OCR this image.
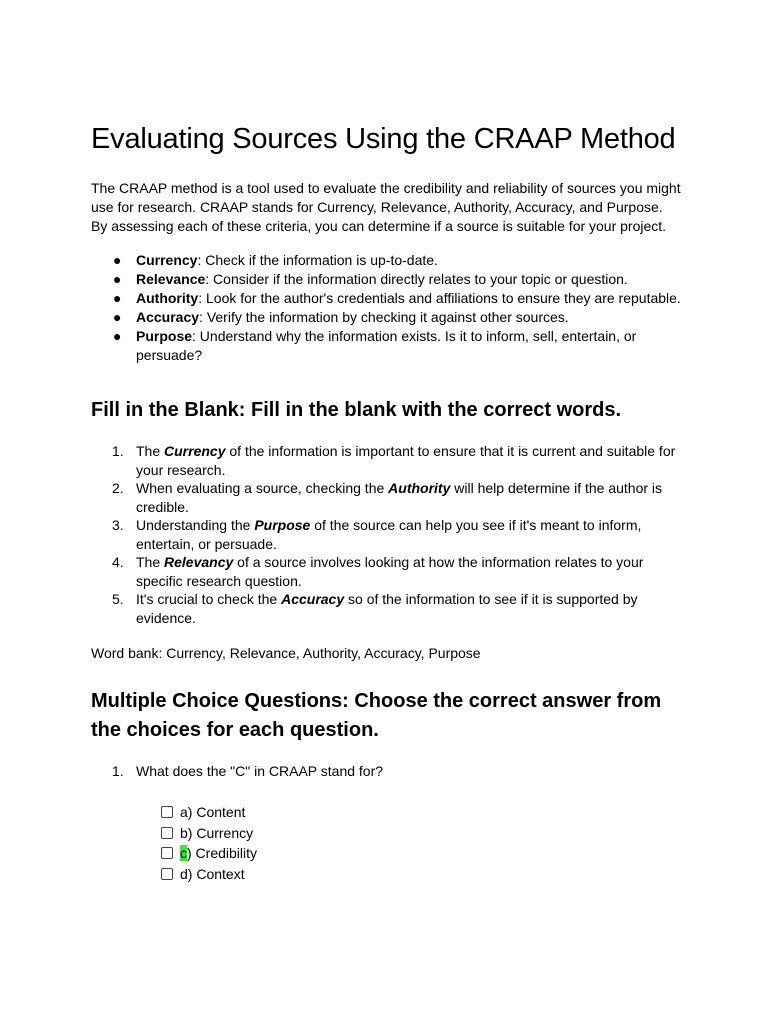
Evaluating Sources Using the CRAAP Method

The CRAAP method is a tool used to evaluate the credibility and reliability of sources you might use for research. CRAAP stands for Currency, Relevance, Authority, Accuracy, and Purpose. By assessing each of these criteria, you can determine if a source is suitable for your project.

● Currency: Check if the information is up-to-date.
● Relevance: Consider if the information directly relates to your topic or question.
● Authority: Look for the author's credentials and affiliations to ensure they are reputable.
● Accuracy: Verify the information by checking it against other sources.
● Purpose: Understand why the information exists. Is it to inform, sell, entertain, or persuade?
Fill in the Blank: Fill in the blank with the correct words.
1. The Currency of the information is important to ensure that it is current and suitable for your research.
2. When evaluating a source, checking the Authority will help determine if the author is credible.
3. Understanding the Purpose of the source can help you see if it's meant to inform, entertain, or persuade.
4. The Relevancy of a source involves looking at how the information relates to your specific research question.
5. It's crucial to check the Accuracy so of the information to see if it is supported by evidence.

Word bank: Currency, Relevance, Authority, Accuracy, Purpose

Multiple Choice Questions: Choose the correct answer from the choices for each question.
1. What does the "C" in CRAAP stand for?
a) Content
b) Currency
c) Credibility
d) Context
